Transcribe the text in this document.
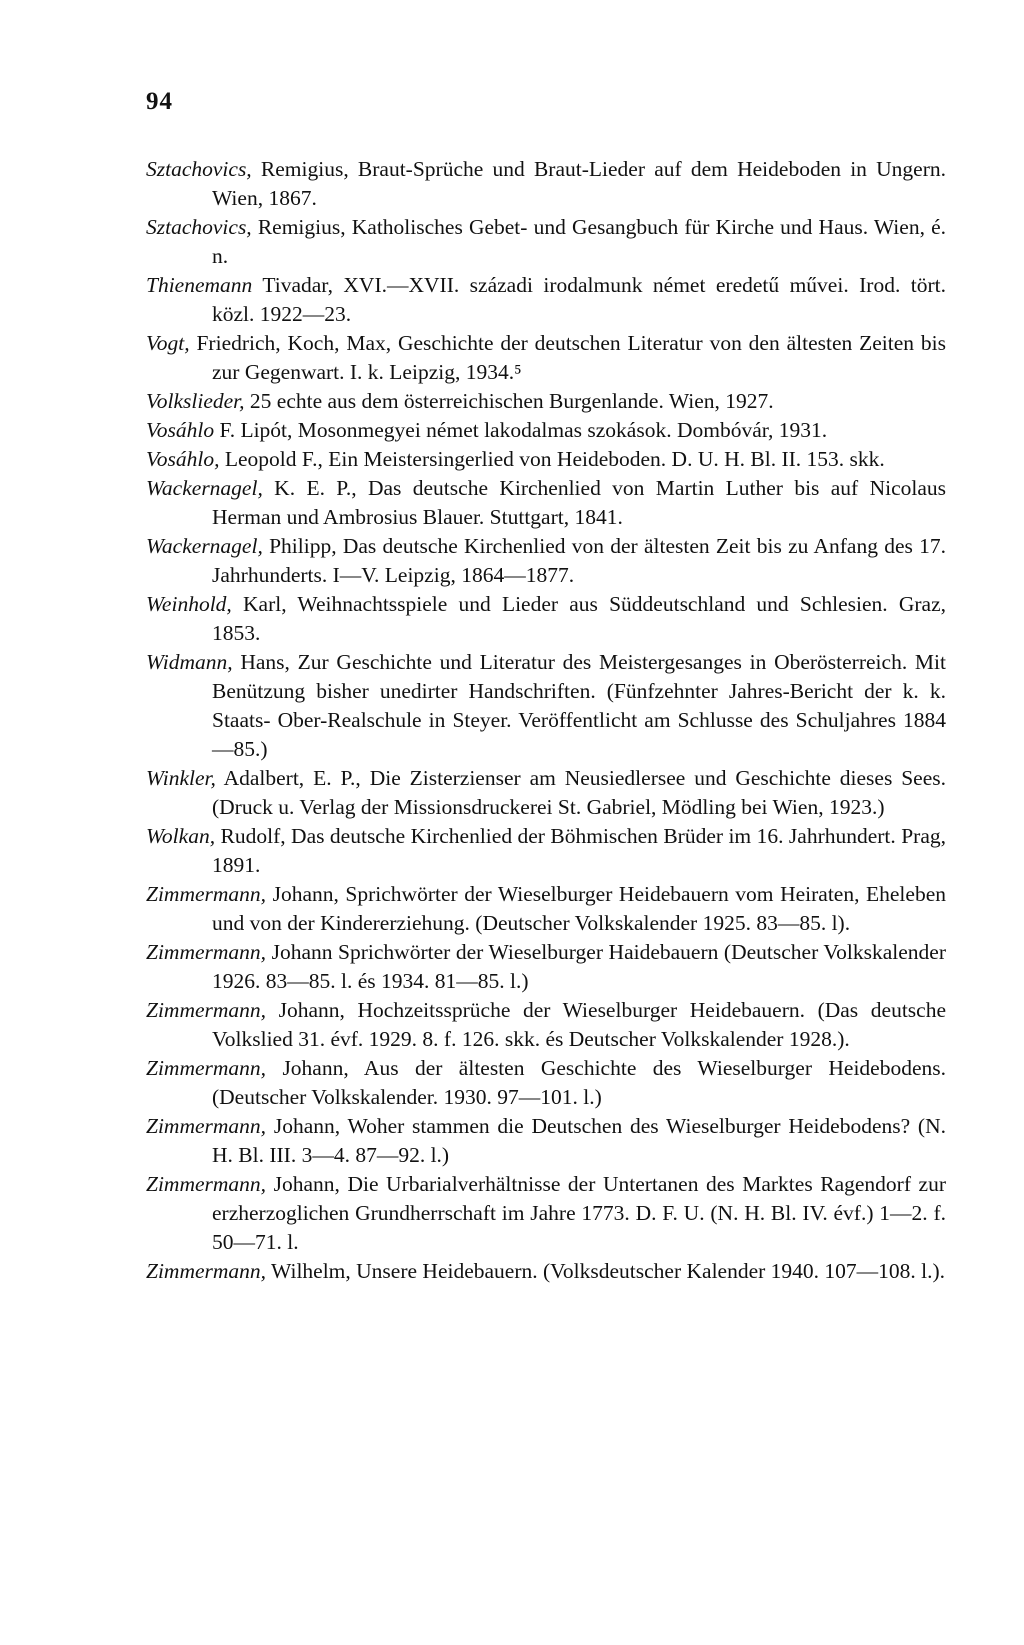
94
Sztachovics, Remigius, Braut-Sprüche und Braut-Lieder auf dem Heideboden in Ungern. Wien, 1867.
Sztachovics, Remigius, Katholisches Gebet- und Gesangbuch für Kirche und Haus. Wien, é. n.
Thienemann Tivadar, XVI.—XVII. századi irodalmunk német eredetű művei. Irod. tört. közl. 1922—23.
Vogt, Friedrich, Koch, Max, Geschichte der deutschen Literatur von den ältesten Zeiten bis zur Gegenwart. I. k. Leipzig, 1934.⁵
Volkslieder, 25 echte aus dem österreichischen Burgenlande. Wien, 1927.
Vosáhlo F. Lipót, Mosonmegyei német lakodalmas szokások. Dombóvár, 1931.
Vosáhlo, Leopold F., Ein Meistersingerlied von Heideboden. D. U. H. Bl. II. 153. skk.
Wackernagel, K. E. P., Das deutsche Kirchenlied von Martin Luther bis auf Nicolaus Herman und Ambrosius Blauer. Stuttgart, 1841.
Wackernagel, Philipp, Das deutsche Kirchenlied von der ältesten Zeit bis zu Anfang des 17. Jahrhunderts. I—V. Leipzig, 1864—1877.
Weinhold, Karl, Weihnachtsspiele und Lieder aus Süddeutschland und Schlesien. Graz, 1853.
Widmann, Hans, Zur Geschichte und Literatur des Meistergesanges in Oberösterreich. Mit Benützung bisher unedirter Handschriften. (Fünfzehnter Jahres-Bericht der k. k. Staats- Ober-Realschule in Steyer. Veröffentlicht am Schlusse des Schuljahres 1884—85.)
Winkler, Adalbert, E. P., Die Zisterzienser am Neusiedlersee und Geschichte dieses Sees. (Druck u. Verlag der Missionsdruckerei St. Gabriel, Mödling bei Wien, 1923.)
Wolkan, Rudolf, Das deutsche Kirchenlied der Böhmischen Brüder im 16. Jahrhundert. Prag, 1891.
Zimmermann, Johann, Sprichwörter der Wieselburger Heidebauern vom Heiraten, Eheleben und von der Kindererziehung. (Deutscher Volkskalender 1925. 83—85. l).
Zimmermann, Johann Sprichwörter der Wieselburger Haidebauern (Deutscher Volkskalender 1926. 83—85. l. és 1934. 81—85. l.)
Zimmermann, Johann, Hochzeitssprüche der Wieselburger Heidebauern. (Das deutsche Volkslied 31. évf. 1929. 8. f. 126. skk. és Deutscher Volkskalender 1928.).
Zimmermann, Johann, Aus der ältesten Geschichte des Wieselburger Heidebodens. (Deutscher Volkskalender. 1930. 97—101. l.)
Zimmermann, Johann, Woher stammen die Deutschen des Wieselburger Heidebodens? (N. H. Bl. III. 3—4. 87—92. l.)
Zimmermann, Johann, Die Urbarialverhältnisse der Untertanen des Marktes Ragendorf zur erzherzoglichen Grundherrschaft im Jahre 1773. D. F. U. (N. H. Bl. IV. évf.) 1—2. f. 50—71. l.
Zimmermann, Wilhelm, Unsere Heidebauern. (Volksdeutscher Kalender 1940. 107—108. l.).
